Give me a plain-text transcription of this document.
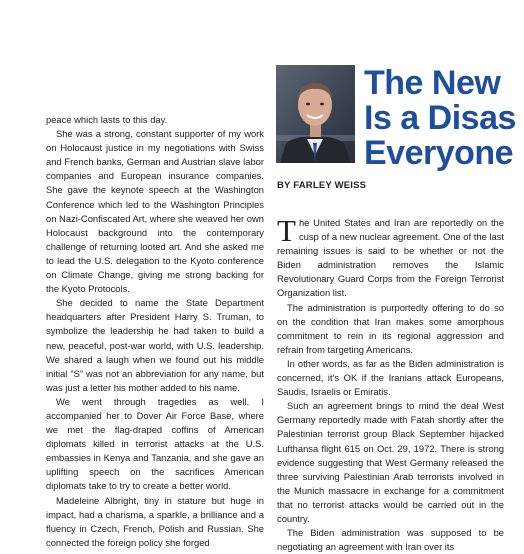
peace which lasts to this day.

She was a strong, constant supporter of my work on Holocaust justice in my negotiations with Swiss and French banks, German and Austrian slave labor companies and European insurance companies. She gave the keynote speech at the Washington Conference which led to the Washington Principles on Nazi-Confiscated Art, where she weaved her own Holocaust background into the contemporary challenge of returning looted art. And she asked me to lead the U.S. delegation to the Kyoto conference on Climate Change, giving me strong backing for the Kyoto Protocols.

She decided to name the State Department headquarters after President Harry S. Truman, to symbolize the leadership he had taken to build a new, peaceful, post-war world, with U.S. leadership. We shared a laugh when we found out his middle initial “S” was not an abbreviation for any name, but was just a letter his mother added to his name.

We went through tragedies as well. I accompanied her to Dover Air Force Base, where we met the flag-draped coffins of American diplomats killed in terrorist attacks at the U.S. embassies in Kenya and Tanzania, and she gave an uplifting speech on the sacrifices American diplomats take to try to create a better world.

Madeleine Albright, tiny in stature but huge in impact, had a charisma, a sparkle, a brilliance and a fluency in Czech, French, Polish and Russian. She connected the foreign policy she forged

The New
Is a Disas
Everyone
BY FARLEY WEISS

The United States and Iran are reportedly on the cusp of a new nuclear agreement. One of the last remaining issues is said to be whether or not the Biden administration removes the Islamic Revolutionary Guard Corps from the Foreign Terrorist Organization list.

The administration is purportedly offering to do so on the condition that Iran makes some amorphous commitment to rein in its regional aggression and refrain from targeting Americans.

In other words, as far as the Biden administration is concerned, it's OK if the Iranians attack Europeans, Saudis, Israelis or Emiratis.

Such an agreement brings to mind the deal West Germany reportedly made with Fatah shortly after the Palestinian terrorist group Black September hijacked Lufthansa flight 615 on Oct. 29, 1972. There is strong evidence suggesting that West Germany released the three surviving Palestinian Arab terrorists involved in the Munich massacre in exchange for a commitment that no terrorist attacks would be carried out in the country.

The Biden administration was supposed to be negotiating an agreement with Iran over its
